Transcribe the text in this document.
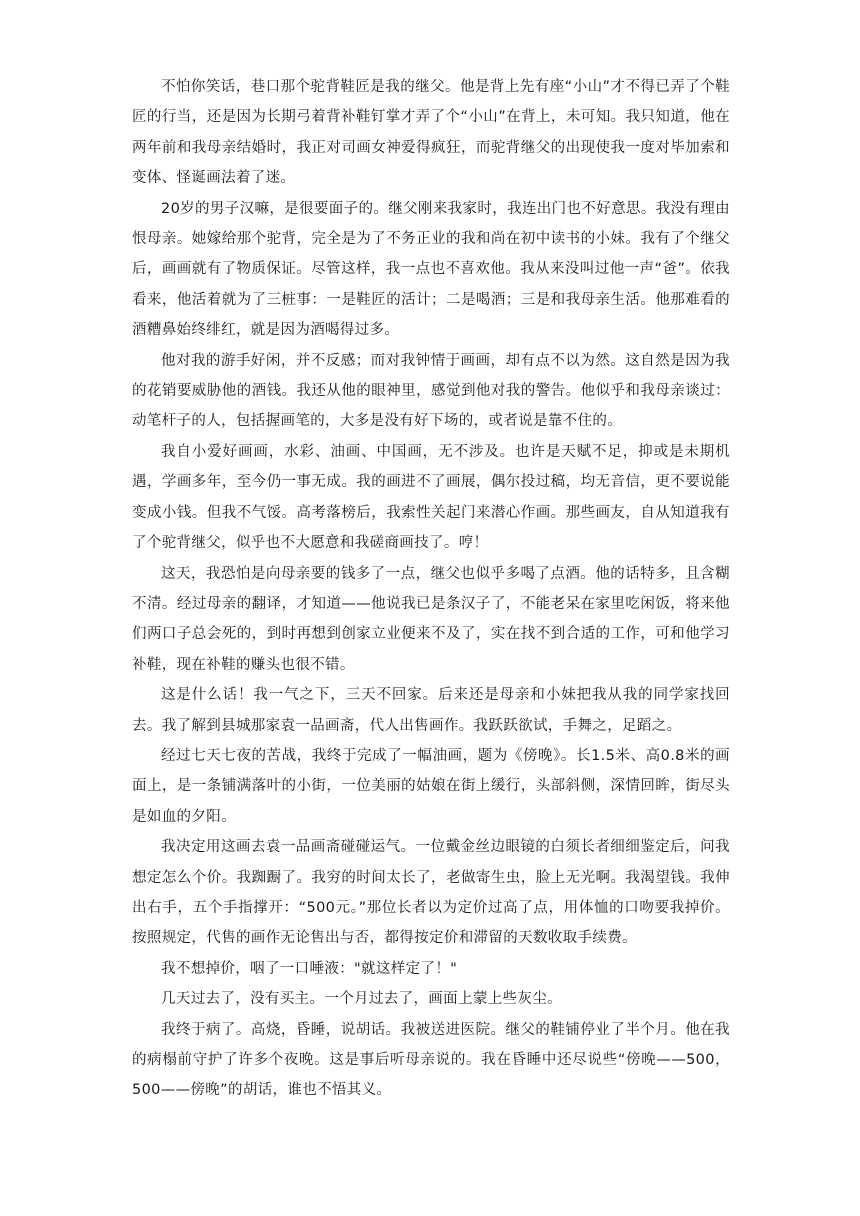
不怕你笑话，巷口那个驼背鞋匠是我的继父。他是背上先有座“小山”才不得已弄了个鞋匠的行当，还是因为长期弓着背补鞋钉掌才弄了个“小山”在背上，未可知。我只知道，他在两年前和我母亲结婚时，我正对司画女神爱得疯狂，而驼背继父的出现使我一度对毕加索和变体、怪诞画法着了迷。

20岁的男子汉嘛，是很要面子的。继父刚来我家时，我连出门也不好意思。我没有理由恨母亲。她嫁给那个驼背，完全是为了不务正业的我和尚在初中读书的小妹。我有了个继父后，画画就有了物质保证。尽管这样，我一点也不喜欢他。我从来没叫过他一声“爸”。依我看来，他活着就为了三桩事：一是鞋匠的活计；二是喝酒；三是和我母亲生活。他那难看的酒糟鼻始终绯红，就是因为酒喝得过多。

他对我的游手好闲，并不反感；而对我钟情于画画，却有点不以为然。这自然是因为我的花销要威胁他的酒钱。我还从他的眼神里，感觉到他对我的警告。他似乎和我母亲谈过：动笔杆子的人，包括握画笔的，大多是没有好下场的，或者说是靠不住的。

我自小爱好画画，水彩、油画、中国画，无不涉及。也许是天赋不足，抑或是未期机遇，学画多年，至今仍一事无成。我的画进不了画展，偶尔投过稿，均无音信，更不要说能变成小钱。但我不气馁。高考落榜后，我索性关起门来潜心作画。那些画友，自从知道我有了个驼背继父，似乎也不大愿意和我磋商画技了。哼！

这天，我恐怕是向母亲要的钱多了一点，继父也似乎多喝了点酒。他的话特多，且含糊不清。经过母亲的翻译，才知道——他说我已是条汉子了，不能老呆在家里吃闲饭，将来他们两口子总会死的，到时再想到创家立业便来不及了，实在找不到合适的工作，可和他学习补鞋，现在补鞋的赚头也很不错。

这是什么话！我一气之下，三天不回家。后来还是母亲和小妹把我从我的同学家找回去。我了解到县城那家袁一品画斋，代人出售画作。我跃跃欲试，手舞之，足蹈之。

经过七天七夜的苦战，我终于完成了一幅油画，题为《傍晚》。长1.5米、高0.8米的画面上，是一条铺满落叶的小街，一位美丽的姑娘在街上缓行，头部斜侧，深情回眸，街尽头是如血的夕阳。

我决定用这画去袁一品画斋碰碰运气。一位戴金丝边眼镜的白须长者细细鉴定后，问我想定怎么个价。我踟蹰了。我穷的时间太长了，老做寄生虫，脸上无光啊。我渴望钱。我伸出右手，五个手指撑开：“500元。”那位长者以为定价过高了点，用体恤的口吻要我掉价。按照规定，代售的画作无论售出与否，都得按定价和滞留的天数收取手续费。

我不想掉价，咽了一口唾液："就这样定了！"

几天过去了，没有买主。一个月过去了，画面上蒙上些灰尘。

我终于病了。高烧，昏睡，说胡话。我被送进医院。继父的鞋铺停业了半个月。他在我的病榻前守护了许多个夜晚。这是事后听母亲说的。我在昏睡中还尽说些“傍晚——500，500——傍晚”的胡话，谁也不悟其义。
